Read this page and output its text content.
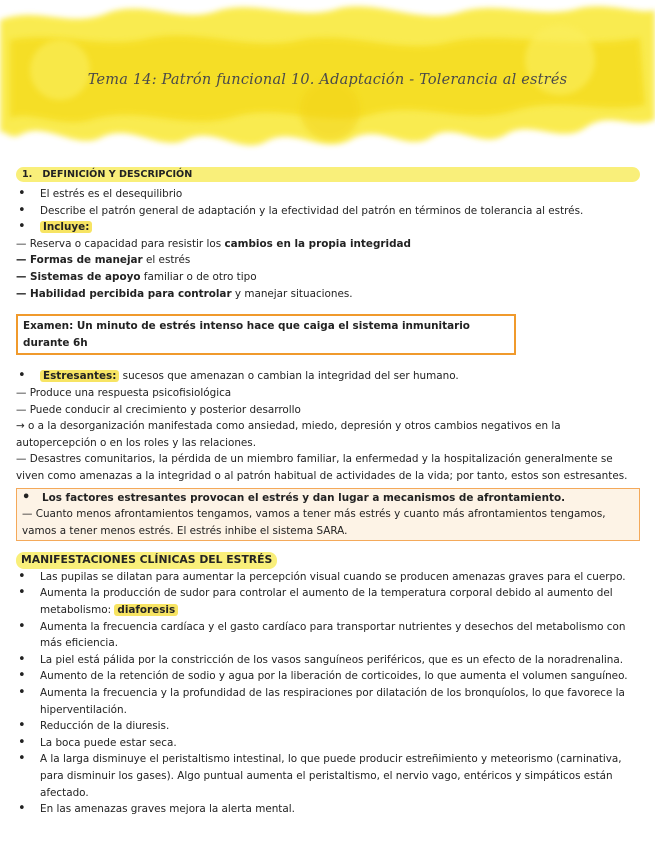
Tema 14: Patrón funcional 10. Adaptación - Tolerancia al estrés
1. DEFINICIÓN Y DESCRIPCIÓN
• El estrés es el desequilibrio
• Describe el patrón general de adaptación y la efectividad del patrón en términos de tolerancia al estrés.
• Incluye:
— Reserva o capacidad para resistir los cambios en la propia integridad
— Formas de manejar el estrés
— Sistemas de apoyo familiar o de otro tipo
— Habilidad percibida para controlar y manejar situaciones.
Examen: Un minuto de estrés intenso hace que caiga el sistema inmunitario durante 6h
• Estresantes: sucesos que amenazan o cambian la integridad del ser humano.
— Produce una respuesta psicofisiológica
— Puede conducir al crecimiento y posterior desarrollo
→ o a la desorganización manifestada como ansiedad, miedo, depresión y otros cambios negativos en la autopercepción o en los roles y las relaciones.
— Desastres comunitarios, la pérdida de un miembro familiar, la enfermedad y la hospitalización generalmente se viven como amenazas a la integridad o al patrón habitual de actividades de la vida; por tanto, estos son estresantes.
• Los factores estresantes provocan el estrés y dan lugar a mecanismos de afrontamiento.
— Cuanto menos afrontamientos tengamos, vamos a tener más estrés y cuanto más afrontamientos tengamos, vamos a tener menos estrés. El estrés inhibe el sistema SARA.
MANIFESTACIONES CLÍNICAS DEL ESTRÉS
• Las pupilas se dilatan para aumentar la percepción visual cuando se producen amenazas graves para el cuerpo.
• Aumenta la producción de sudor para controlar el aumento de la temperatura corporal debido al aumento del metabolismo: diaforesis
• Aumenta la frecuencia cardíaca y el gasto cardíaco para transportar nutrientes y desechos del metabolismo con más eficiencia.
• La piel está pálida por la constricción de los vasos sanguíneos periféricos, que es un efecto de la noradrenalina.
• Aumento de la retención de sodio y agua por la liberación de corticoides, lo que aumenta el volumen sanguíneo.
• Aumenta la frecuencia y la profundidad de las respiraciones por dilatación de los bronquíolos, lo que favorece la hiperventilación.
• Reducción de la diuresis.
• La boca puede estar seca.
• A la larga disminuye el peristaltismo intestinal, lo que puede producir estreñimiento y meteorismo (carninativa, para disminuir los gases). Algo puntual aumenta el peristaltismo, el nervio vago, entéricos y simpáticos están afectado.
• En las amenazas graves mejora la alerta mental.
